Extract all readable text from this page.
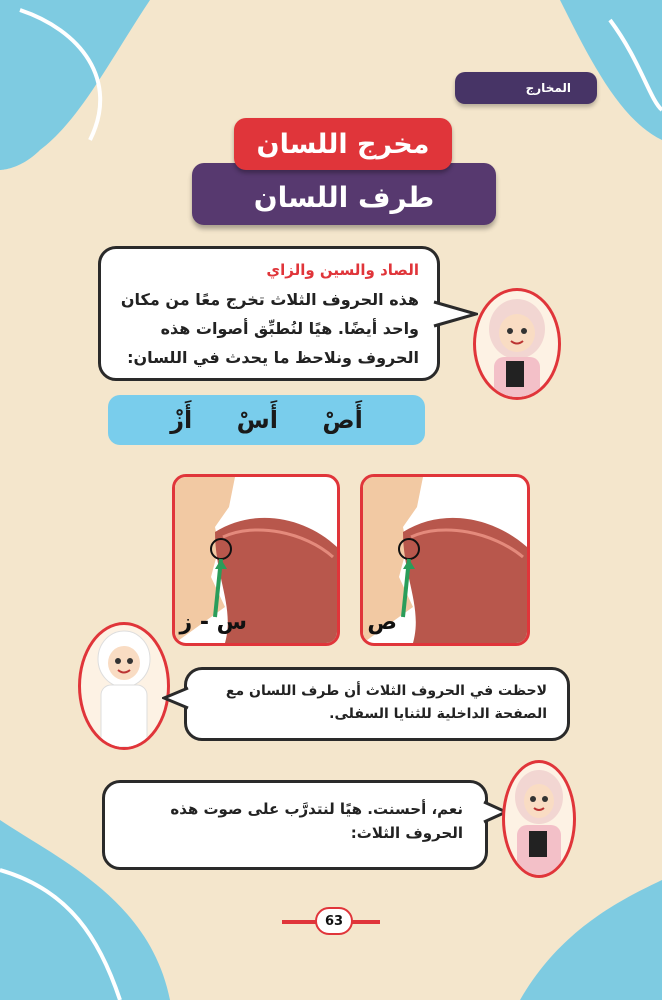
المخارج
طرف اللسان
مخرج اللسان
الصاد والسين والزاي
هذه الحروف الثلاث تخرج معًا من مكان واحد أيضًا. هيًا لنُطبِّق أصوات هذه الحروف ونلاحظ ما يحدث في اللسان:
أَصْ
أَسْ
أَزْ
ص
س - ز
لاحظت في الحروف الثلاث أن طرف اللسان مع الصفحة الداخلية للثنايا السفلى.
نعم، أحسنت. هيًا لنتدرَّب على صوت هذه الحروف الثلاث:
63
